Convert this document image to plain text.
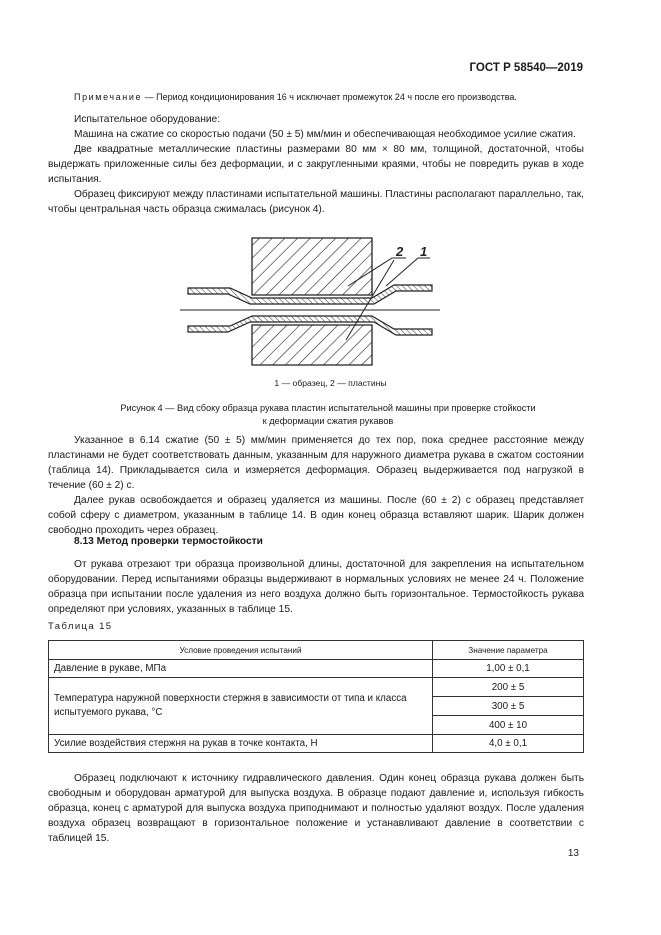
ГОСТ Р 58540—2019
Примечание — Период кондиционирования 16 ч исключает промежуток 24 ч после его производства.

Испытательное оборудование:

Машина на сжатие со скоростью подачи (50 ± 5) мм/мин и обеспечивающая необходимое усилие сжатия.

Две квадратные металлические пластины размерами 80 мм × 80 мм, толщиной, достаточной, чтобы выдержать приложенные силы без деформации, и с закругленными краями, чтобы не повредить рукав в ходе испытания.

Образец фиксируют между пластинами испытательной машины. Пластины располагают параллельно, так, чтобы центральная часть образца сжималась (рисунок 4).

2 1
1 — образец, 2 — пластины
Рисунок 4 — Вид сбоку образца рукава пластин испытательной машины при проверке стойкости
к деформации сжатия рукавов

Указанное в 6.14 сжатие (50 ± 5) мм/мин применяется до тех пор, пока среднее расстояние между пластинами не будет соответствовать данным, указанным для наружного диаметра рукава в сжатом состоянии (таблица 14). Прикладывается сила и измеряется деформация. Образец выдерживается под нагрузкой в течение (60 ± 2) с.

Далее рукав освобождается и образец удаляется из машины. После (60 ± 2) с образец представляет собой сферу с диаметром, указанным в таблице 14. В один конец образца вставляют шарик. Шарик должен свободно проходить через образец.

8.13 Метод проверки термостойкости

От рукава отрезают три образца произвольной длины, достаточной для закрепления на испытательном оборудовании. Перед испытаниями образцы выдерживают в нормальных условиях не менее 24 ч. Положение образца при испытании после удаления из него воздуха должно быть горизонтальное. Термостойкость рукава определяют при условиях, указанных в таблице 15.

Таблица 15
Условие проведения испытаний	Значение параметра
Давление в рукаве, МПа	1,00 ± 0,1
Температура наружной поверхности стержня в зависимости от типа и класса испытуемого рукава, °С	200 ± 5
	300 ± 5
	400 ± 10
Усилие воздействия стержня на рукав в точке контакта, Н	4,0 ± 0,1

Образец подключают к источнику гидравлического давления. Один конец образца рукава должен быть свободным и оборудован арматурой для выпуска воздуха. В образце подают давление и, используя гибкость образца, конец с арматурой для выпуска воздуха приподнимают и полностью удаляют воздух. После удаления воздуха образец возвращают в горизонтальное положение и устанавливают давление в соответствии с таблицей 15.

13
